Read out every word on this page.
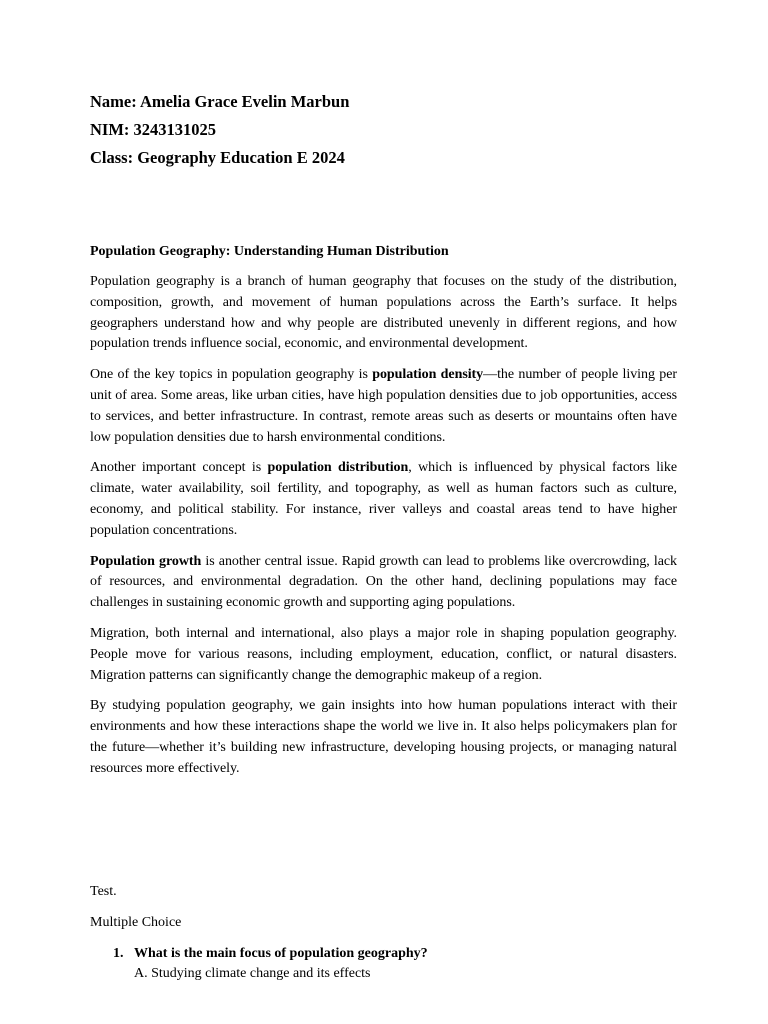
Name: Amelia Grace Evelin Marbun

NIM: 3243131025

Class: Geography Education E 2024

Population Geography: Understanding Human Distribution

Population geography is a branch of human geography that focuses on the study of the distribution, composition, growth, and movement of human populations across the Earth’s surface. It helps geographers understand how and why people are distributed unevenly in different regions, and how population trends influence social, economic, and environmental development.

One of the key topics in population geography is population density—the number of people living per unit of area. Some areas, like urban cities, have high population densities due to job opportunities, access to services, and better infrastructure. In contrast, remote areas such as deserts or mountains often have low population densities due to harsh environmental conditions.

Another important concept is population distribution, which is influenced by physical factors like climate, water availability, soil fertility, and topography, as well as human factors such as culture, economy, and political stability. For instance, river valleys and coastal areas tend to have higher population concentrations.

Population growth is another central issue. Rapid growth can lead to problems like overcrowding, lack of resources, and environmental degradation. On the other hand, declining populations may face challenges in sustaining economic growth and supporting aging populations.

Migration, both internal and international, also plays a major role in shaping population geography. People move for various reasons, including employment, education, conflict, or natural disasters. Migration patterns can significantly change the demographic makeup of a region.

By studying population geography, we gain insights into how human populations interact with their environments and how these interactions shape the world we live in. It also helps policymakers plan for the future—whether it’s building new infrastructure, developing housing projects, or managing natural resources more effectively.

Test.

Multiple Choice

1. What is the main focus of population geography?

A. Studying climate change and its effects
